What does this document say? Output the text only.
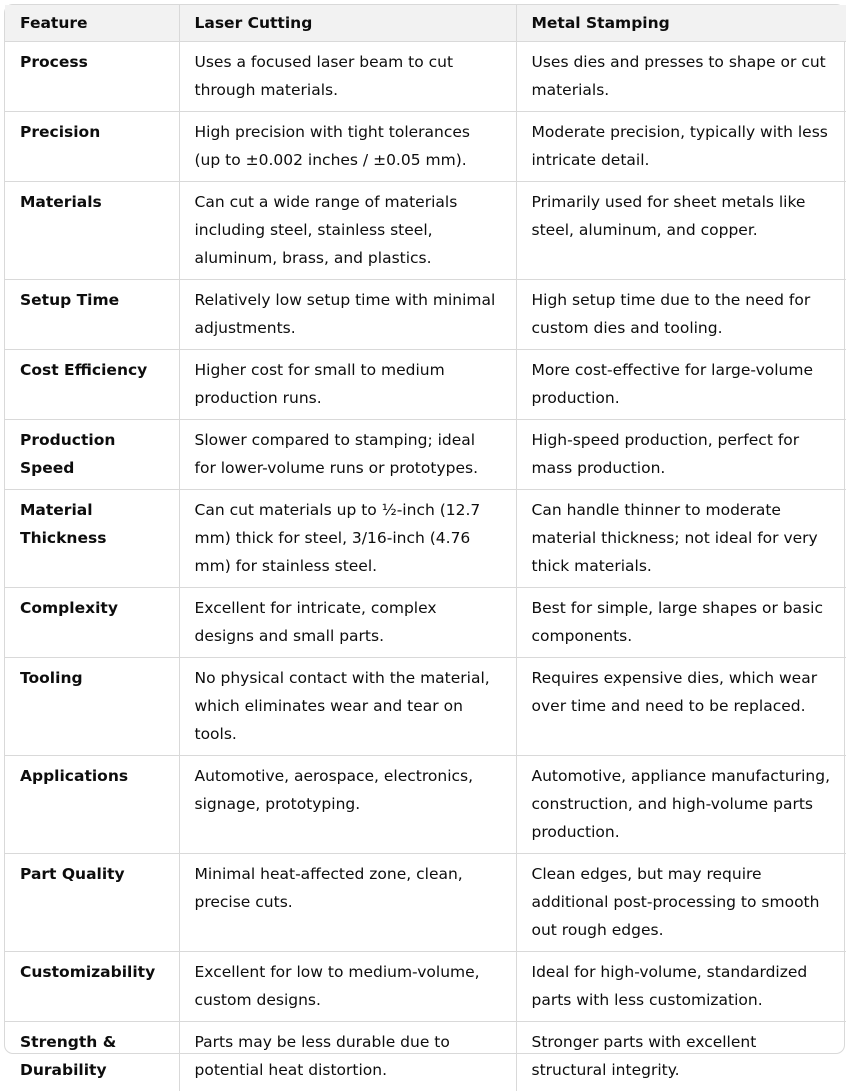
Feature	Laser Cutting	Metal Stamping
Process	Uses a focused laser beam to cut through materials.	Uses dies and presses to shape or cut materials.
Precision	High precision with tight tolerances (up to ±0.002 inches / ±0.05 mm).	Moderate precision, typically with less intricate detail.
Materials	Can cut a wide range of materials including steel, stainless steel, aluminum, brass, and plastics.	Primarily used for sheet metals like steel, aluminum, and copper.
Setup Time	Relatively low setup time with minimal adjustments.	High setup time due to the need for custom dies and tooling.
Cost Efficiency	Higher cost for small to medium production runs.	More cost-effective for large-volume production.
Production Speed	Slower compared to stamping; ideal for lower-volume runs or prototypes.	High-speed production, perfect for mass production.
Material Thickness	Can cut materials up to ½-inch (12.7 mm) thick for steel, 3/16-inch (4.76 mm) for stainless steel.	Can handle thinner to moderate material thickness; not ideal for very thick materials.
Complexity	Excellent for intricate, complex designs and small parts.	Best for simple, large shapes or basic components.
Tooling	No physical contact with the material, which eliminates wear and tear on tools.	Requires expensive dies, which wear over time and need to be replaced.
Applications	Automotive, aerospace, electronics, signage, prototyping.	Automotive, appliance manufacturing, construction, and high-volume parts production.
Part Quality	Minimal heat-affected zone, clean, precise cuts.	Clean edges, but may require additional post-processing to smooth out rough edges.
Customizability	Excellent for low to medium-volume, custom designs.	Ideal for high-volume, standardized parts with less customization.
Strength & Durability	Parts may be less durable due to potential heat distortion.	Stronger parts with excellent structural integrity.
